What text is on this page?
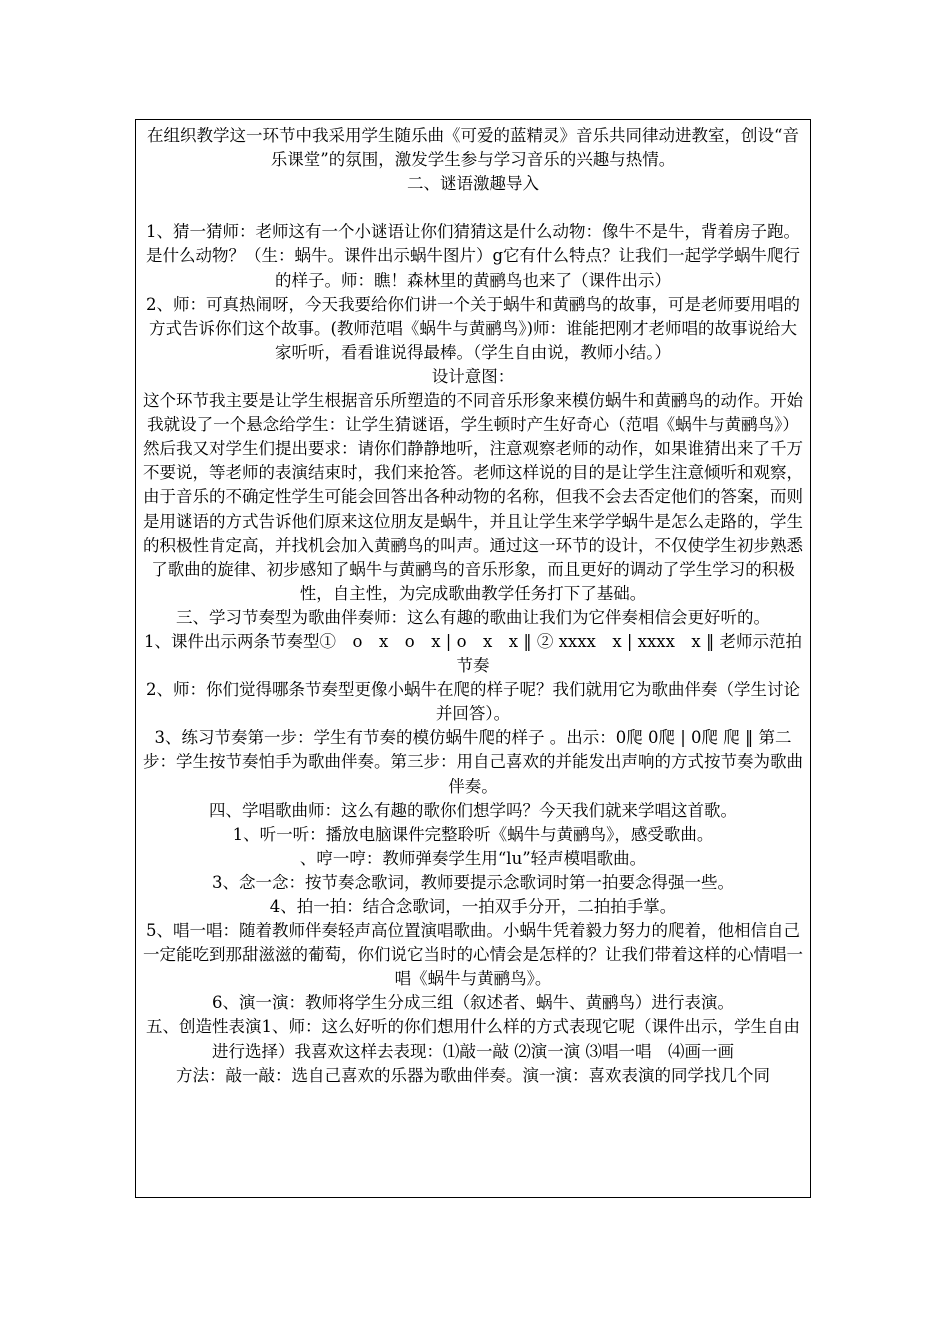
在组织教学这一环节中我采用学生随乐曲《可爱的蓝精灵》音乐共同律动进教室，创设“音乐课堂”的氛围，激发学生参与学习音乐的兴趣与热情。

二、谜语激趣导入

1、猜一猜师：老师这有一个小谜语让你们猜猜这是什么动物：像牛不是牛，背着房子跑。是什么动物？（生：蜗牛。课件出示蜗牛图片）g它有什么特点？让我们一起学学蜗牛爬行的样子。师：瞧！森林里的黄鹂鸟也来了（课件出示）

2、师：可真热闹呀，今天我要给你们讲一个关于蜗牛和黄鹂鸟的故事，可是老师要用唱的方式告诉你们这个故事。(教师范唱《蜗牛与黄鹂鸟》)师：谁能把刚才老师唱的故事说给大家听听，看看谁说得最棒。（学生自由说，教师小结。）

设计意图：

这个环节我主要是让学生根据音乐所塑造的不同音乐形象来模仿蜗牛和黄鹂鸟的动作。开始我就设了一个悬念给学生：让学生猜谜语，学生顿时产生好奇心（范唱《蜗牛与黄鹂鸟》）然后我又对学生们提出要求：请你们静静地听，注意观察老师的动作，如果谁猜出来了千万不要说，等老师的表演结束时，我们来抢答。老师这样说的目的是让学生注意倾听和观察，由于音乐的不确定性学生可能会回答出各种动物的名称，但我不会去否定他们的答案，而则是用谜语的方式告诉他们原来这位朋友是蜗牛，并且让学生来学学蜗牛是怎么走路的，学生的积极性肯定高，并找机会加入黄鹂鸟的叫声。通过这一环节的设计，不仅使学生初步熟悉了歌曲的旋律、初步感知了蜗牛与黄鹂鸟的音乐形象，而且更好的调动了学生学习的积极性，自主性，为完成歌曲教学任务打下了基础。

三、学习节奏型为歌曲伴奏师：这么有趣的歌曲让我们为它伴奏相信会更好听的。

1、课件出示两条节奏型①　o　x　o　x | o　x　x ‖ ② xxxx　x | xxxx　x ‖ 老师示范拍节奏

2、师：你们觉得哪条节奏型更像小蜗牛在爬的样子呢？我们就用它为歌曲伴奏（学生讨论并回答）。

3、练习节奏第一步：学生有节奏的模仿蜗牛爬的样子 。出示：0爬 0爬 | 0爬 爬 ‖ 第二步：学生按节奏怕手为歌曲伴奏。第三步：用自己喜欢的并能发出声响的方式按节奏为歌曲伴奏。

四、学唱歌曲师：这么有趣的歌你们想学吗？今天我们就来学唱这首歌。

1、听一听：播放电脑课件完整聆听《蜗牛与黄鹂鸟》，感受歌曲。

、哼一哼：教师弹奏学生用“lu”轻声模唱歌曲。

3、念一念：按节奏念歌词，教师要提示念歌词时第一拍要念得强一些。

4、拍一拍：结合念歌词，一拍双手分开，二拍拍手掌。

5、唱一唱：随着教师伴奏轻声高位置演唱歌曲。小蜗牛凭着毅力努力的爬着，他相信自己一定能吃到那甜滋滋的葡萄，你们说它当时的心情会是怎样的？让我们带着这样的心情唱一唱《蜗牛与黄鹂鸟》。

6、演一演：教师将学生分成三组（叙述者、蜗牛、黄鹂鸟）进行表演。

五、创造性表演1、师：这么好听的你们想用什么样的方式表现它呢（课件出示，学生自由进行选择）我喜欢这样去表现：⑴敲一敲 ⑵演一演 ⑶唱一唱　⑷画一画

方法：敲一敲：选自己喜欢的乐器为歌曲伴奏。演一演：喜欢表演的同学找几个同
